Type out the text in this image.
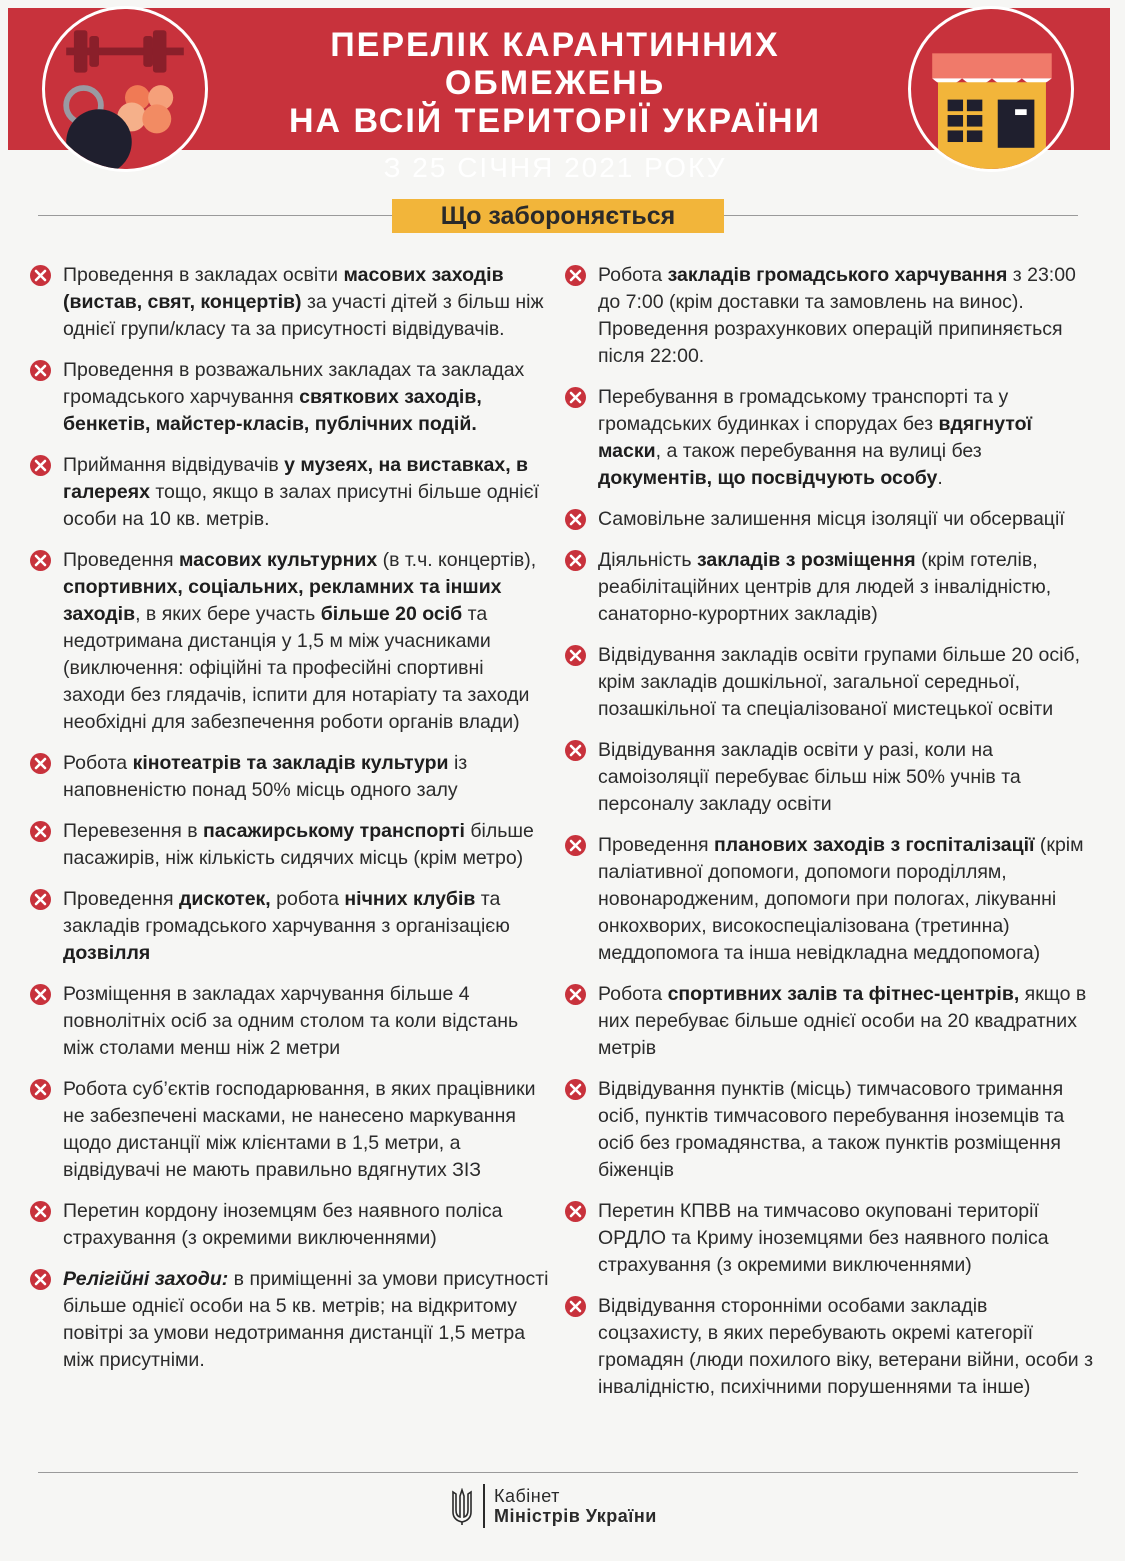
ПЕРЕЛІК КАРАНТИННИХ ОБМЕЖЕНЬ
НА ВСІЙ ТЕРИТОРІЇ УКРАЇНИ
З 25 СІЧНЯ 2021 РОКУ
Що забороняється
Проведення в закладах освіти масових заходів (вистав, свят, концертів) за участі дітей з більш ніж однієї групи/класу та за присутності відвідувачів.
Проведення в розважальних закладах та закладах громадського харчування святкових заходів, бенкетів, майстер-класів, публічних подій.
Приймання відвідувачів у музеях, на виставках, в галереях тощо, якщо в залах присутні більше однієї особи на 10 кв. метрів.
Проведення масових культурних (в т.ч. концертів), спортивних, соціальних, рекламних та інших заходів, в яких бере участь більше 20 осіб та недотримана дистанція у 1,5 м між учасниками (виключення: офіційні та професійні спортивні заходи без глядачів, іспити для нотаріату та заходи необхідні для забезпечення роботи органів влади)
Робота кінотеатрів та закладів культури із наповненістю понад 50% місць одного залу
Перевезення в пасажирському транспорті більше пасажирів, ніж кількість сидячих місць (крім метро)
Проведення дискотек, робота нічних клубів та закладів громадського харчування з організацією дозвілля
Розміщення в закладах харчування більше 4 повнолітніх осіб за одним столом та коли відстань між столами менш ніж 2 метри
Робота суб’єктів господарювання, в яких працівники не забезпечені масками, не нанесено маркування щодо дистанції між клієнтами в 1,5 метри, а відвідувачі не мають правильно вдягнутих ЗІЗ
Перетин кордону іноземцям без наявного поліса страхування (з окремими виключеннями)
Релігійні заходи: в приміщенні за умови присутності більше однієї особи на 5 кв. метрів; на відкритому повітрі за умови недотримання дистанції 1,5 метра між присутніми.
Робота закладів громадського харчування з 23:00 до 7:00 (крім доставки та замовлень на винос). Проведення розрахункових операцій припиняється після 22:00.
Перебування в громадському транспорті та у громадських будинках і спорудах без вдягнутої маски, а також перебування на вулиці без документів, що посвідчують особу.
Самовільне залишення місця ізоляції чи обсервації
Діяльність закладів з розміщення (крім готелів, реабілітаційних центрів для людей з інвалідністю, санаторно-курортних закладів)
Відвідування закладів освіти групами більше 20 осіб, крім закладів дошкільної, загальної середньої, позашкільної та спеціалізованої мистецької освіти
Відвідування закладів освіти у разі, коли на самоізоляції перебуває більш ніж 50% учнів та персоналу закладу освіти
Проведення планових заходів з госпіталізації (крім паліативної допомоги, допомоги породіллям, новонародженим, допомоги при пологах, лікуванні онкохворих, високоспеціалізована (третинна) меддопомога та інша невідкладна меддопомога)
Робота спортивних залів та фітнес-центрів, якщо в них перебуває більше однієї особи на 20 квадратних метрів
Відвідування пунктів (місць) тимчасового тримання осіб, пунктів тимчасового перебування іноземців та осіб без громадянства, а також пунктів розміщення біженців
Перетин КПВВ на тимчасово окуповані території ОРДЛО та Криму іноземцями без наявного поліса страхування (з окремими виключеннями)
Відвідування сторонніми особами закладів соцзахисту, в яких перебувають окремі категорії громадян (люди похилого віку, ветерани війни, особи з інвалідністю, психічними порушеннями та інше)
Кабінет
Міністрів України
